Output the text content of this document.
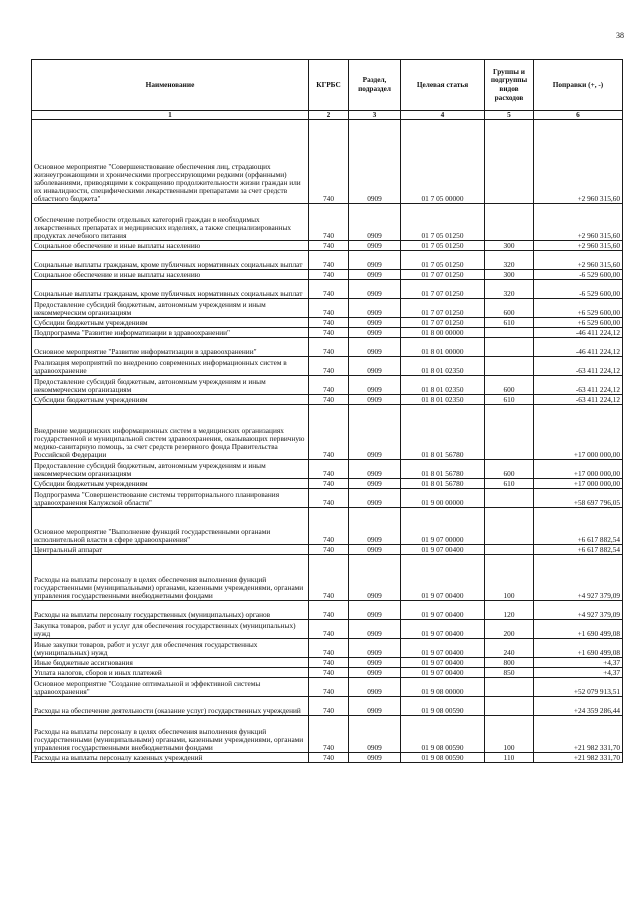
38
Наименование	КГРБС	Раздел, подраздел	Целевая статья	Группы и подгруппы видов расходов	Поправки (+, -)
1	2	3	4	5	6
Основное мероприятие "Совершенствование обеспечения лиц, страдающих жизнеугрожающими и хроническими прогрессирующими редкими (орфанными) заболеваниями, приводящими к сокращению продолжительности жизни граждан или их инвалидности, специфическими лекарственными препаратами за счет средств областного бюджета"	740	0909	01 7 05 00000		+2 960 315,60
Обеспечение потребности отдельных категорий граждан в необходимых лекарственных препаратах и медицинских изделиях, а также специализированных продуктах лечебного питания	740	0909	01 7 05 01250		+2 960 315,60
Социальное обеспечение и иные выплаты населению	740	0909	01 7 05 01250	300	+2 960 315,60
Социальные выплаты гражданам, кроме публичных нормативных социальных выплат	740	0909	01 7 05 01250	320	+2 960 315,60
Социальное обеспечение и иные выплаты населению	740	0909	01 7 07 01250	300	-6 529 600,00
Социальные выплаты гражданам, кроме публичных нормативных социальных выплат	740	0909	01 7 07 01250	320	-6 529 600,00
Предоставление субсидий бюджетным, автономным учреждениям и иным некоммерческим организациям	740	0909	01 7 07 01250	600	+6 529 600,00
Субсидии бюджетным учреждениям	740	0909	01 7 07 01250	610	+6 529 600,00
Подпрограмма "Развитие информатизации в здравоохранении"	740	0909	01 8 00 00000		-46 411 224,12
Основное мероприятие "Развитие информатизации в здравоохранении"	740	0909	01 8 01 00000		-46 411 224,12
Реализация мероприятий по внедрению современных информационных систем в здравоохранение	740	0909	01 8 01 02350		-63 411 224,12
Предоставление субсидий бюджетным, автономным учреждениям и иным некоммерческим организациям	740	0909	01 8 01 02350	600	-63 411 224,12
Субсидии бюджетным учреждениям	740	0909	01 8 01 02350	610	-63 411 224,12
Внедрение медицинских информационных систем в медицинских организациях государственной и муниципальной систем здравоохранения, оказывающих первичную медико-санитарную помощь, за счет средств резервного фонда Правительства Российской Федерации	740	0909	01 8 01 56780		+17 000 000,00
Предоставление субсидий бюджетным, автономным учреждениям и иным некоммерческим организациям	740	0909	01 8 01 56780	600	+17 000 000,00
Субсидии бюджетным учреждениям	740	0909	01 8 01 56780	610	+17 000 000,00
Подпрограмма "Совершенствование системы территориального планирования здравоохранения Калужской области"	740	0909	01 9 00 00000		+58 697 796,05
Основное мероприятие "Выполнение функций государственными органами исполнительной власти в сфере здравоохранения"	740	0909	01 9 07 00000		+6 617 882,54
Центральный аппарат	740	0909	01 9 07 00400		+6 617 882,54
Расходы на выплаты персоналу в целях обеспечения выполнения функций государственными (муниципальными) органами, казенными учреждениями, органами управления государственными внебюджетными фондами	740	0909	01 9 07 00400	100	+4 927 379,09
Расходы на выплаты персоналу государственных (муниципальных) органов	740	0909	01 9 07 00400	120	+4 927 379,09
Закупка товаров, работ и услуг для обеспечения государственных (муниципальных) нужд	740	0909	01 9 07 00400	200	+1 690 499,08
Иные закупки товаров, работ и услуг для обеспечения государственных (муниципальных) нужд	740	0909	01 9 07 00400	240	+1 690 499,08
Иные бюджетные ассигнования	740	0909	01 9 07 00400	800	+4,37
Уплата налогов, сборов и иных платежей	740	0909	01 9 07 00400	850	+4,37
Основное мероприятие "Создание оптимальной и эффективной системы здравоохранения"	740	0909	01 9 08 00000		+52 079 913,51
Расходы на обеспечение деятельности (оказание услуг) государственных учреждений	740	0909	01 9 08 00590		+24 359 286,44
Расходы на выплаты персоналу в целях обеспечения выполнения функций государственными (муниципальными) органами, казенными учреждениями, органами управления государственными внебюджетными фондами	740	0909	01 9 08 00590	100	+21 982 331,70
Расходы на выплаты персоналу казенных учреждений	740	0909	01 9 08 00590	110	+21 982 331,70
